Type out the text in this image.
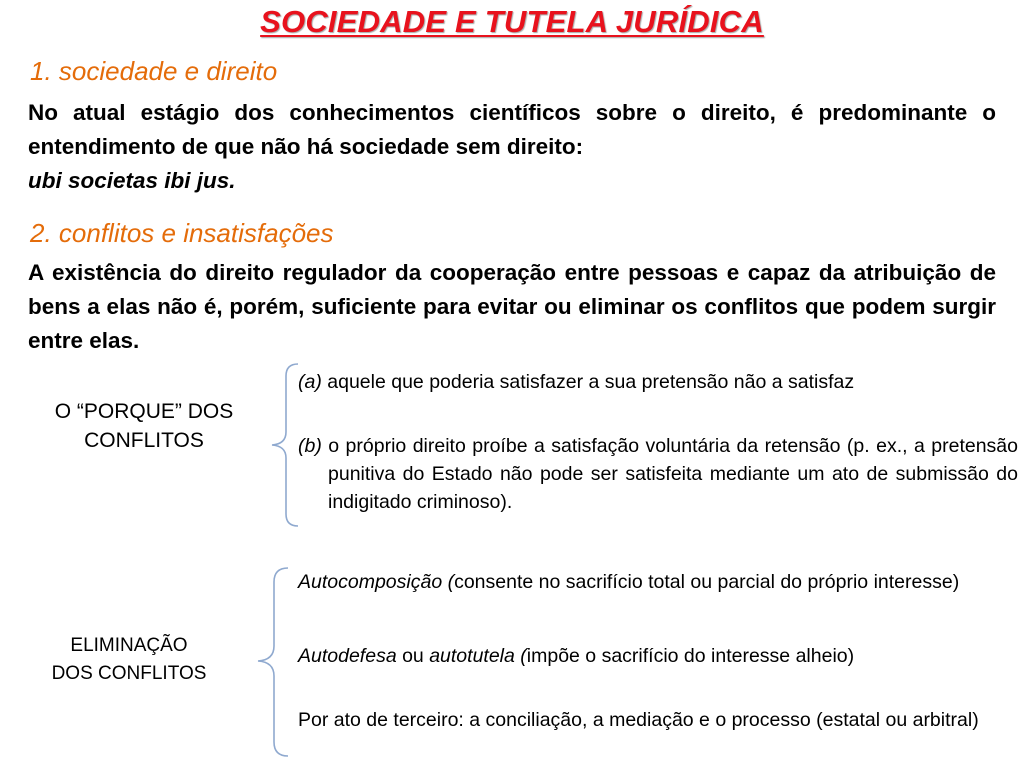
SOCIEDADE E TUTELA JURÍDICA
1. sociedade e direito
No atual estágio dos conhecimentos científicos sobre o direito, é predominante o entendimento de que não há sociedade sem direito:
ubi societas ibi jus.
2. conflitos e insatisfações
A existência do direito regulador da cooperação entre pessoas e capaz da atribuição de bens a elas não é, porém, suficiente para evitar ou eliminar os conflitos que podem surgir entre elas.
O “PORQUE” DOS
CONFLITOS
(a) aquele que poderia satisfazer a sua pretensão não a satisfaz
(b) o próprio direito proíbe a satisfação voluntária da retensão (p. ex., a pretensão punitiva do Estado não pode ser satisfeita mediante um ato de submissão do indigitado criminoso).
ELIMINAÇÃO
DOS CONFLITOS
Autocomposição (consente no sacrifício total ou parcial do próprio interesse)
Autodefesa ou autotutela (impõe o sacrifício do interesse alheio)
Por ato de terceiro: a conciliação, a mediação e o processo (estatal ou arbitral)
